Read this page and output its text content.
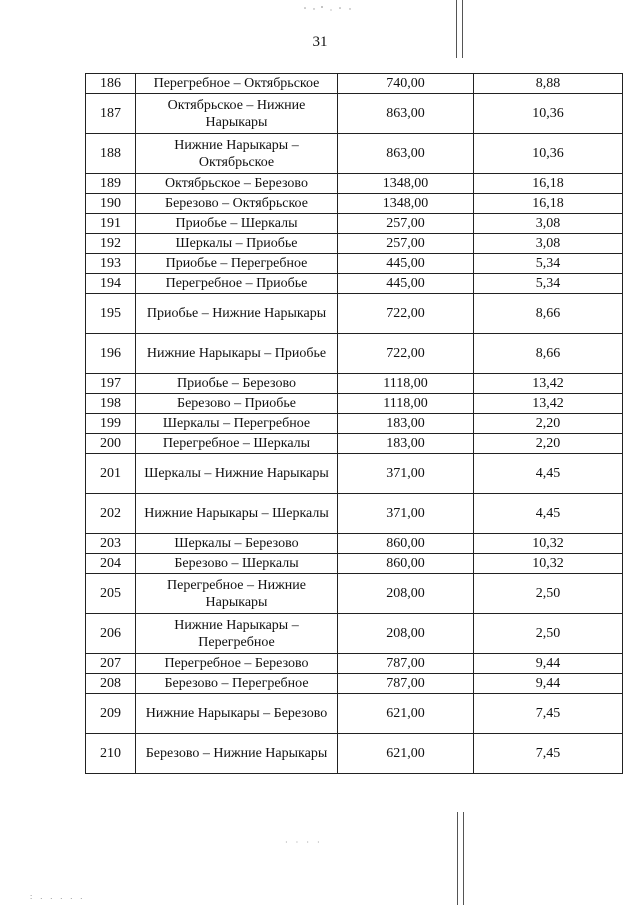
31
186	Перегребное – Октябрьское	740,00	8,88
187	Октябрьское – Нижние Нарыкары	863,00	10,36
188	Нижние Нарыкары – Октябрьское	863,00	10,36
189	Октябрьское – Березово	1348,00	16,18
190	Березово – Октябрьское	1348,00	16,18
191	Приобье – Шеркалы	257,00	3,08
192	Шеркалы – Приобье	257,00	3,08
193	Приобье – Перегребное	445,00	5,34
194	Перегребное – Приобье	445,00	5,34
195	Приобье – Нижние Нарыкары	722,00	8,66
196	Нижние Нарыкары – Приобье	722,00	8,66
197	Приобье – Березово	1118,00	13,42
198	Березово – Приобье	1118,00	13,42
199	Шеркалы – Перегребное	183,00	2,20
200	Перегребное – Шеркалы	183,00	2,20
201	Шеркалы – Нижние Нарыкары	371,00	4,45
202	Нижние Нарыкары – Шеркалы	371,00	4,45
203	Шеркалы – Березово	860,00	10,32
204	Березово – Шеркалы	860,00	10,32
205	Перегребное – Нижние Нарыкары	208,00	2,50
206	Нижние Нарыкары – Перегребное	208,00	2,50
207	Перегребное – Березово	787,00	9,44
208	Березово – Перегребное	787,00	9,44
209	Нижние Нарыкары – Березово	621,00	7,45
210	Березово – Нижние Нарыкары	621,00	7,45
· · · ·
: . . . . .
